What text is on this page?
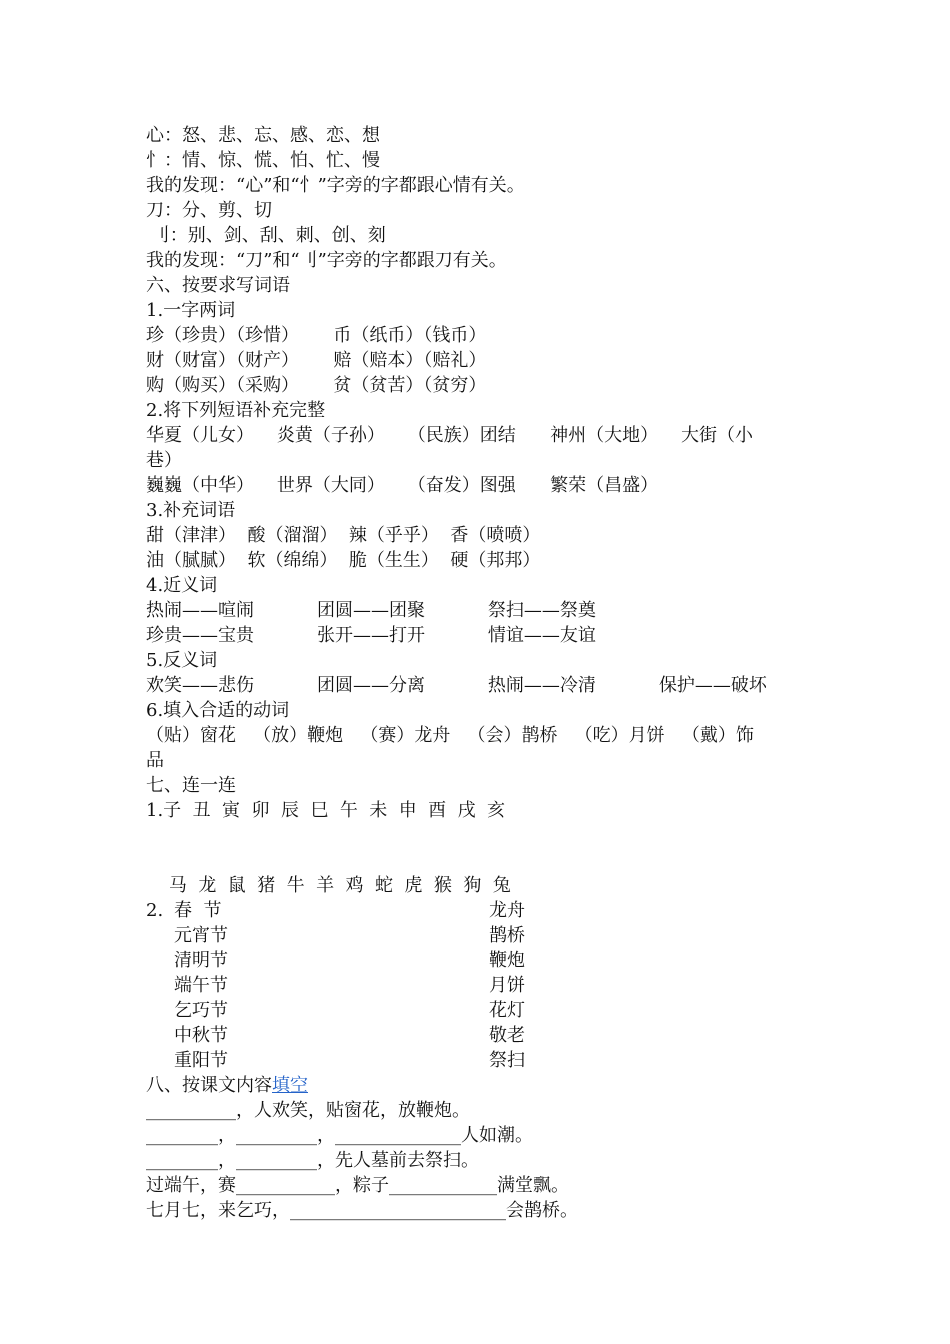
心：怒、悲、忘、感、恋、想
忄：情、惊、慌、怕、忙、慢
我的发现：“心”和“忄”字旁的字都跟心情有关。
刀：分、剪、切
刂：别、剑、刮、刺、创、刻
我的发现：“刀”和“刂”字旁的字都跟刀有关。
六、按要求写词语
1.一字两词
珍（珍贵）（珍惜）      币（纸币）（钱币）
财（财富）（财产）      赔（赔本）（赔礼）
购（购买）（采购）      贫（贫苦）（贫穷）
2.将下列短语补充完整
华夏（儿女）    炎黄（子孙）    （民族）团结      神州（大地）    大街（小
巷）
巍巍（中华）    世界（大同）    （奋发）图强      繁荣（昌盛）
3.补充词语
甜（津津）  酸（溜溜）  辣（乎乎）  香（喷喷）
油（腻腻）  软（绵绵）  脆（生生）  硬（邦邦）
4.近义词
热闹——喧闹           团圆——团聚           祭扫——祭奠
珍贵——宝贵           张开——打开           情谊——友谊
5.反义词
欢笑——悲伤           团圆——分离           热闹——冷清           保护——破坏
6.填入合适的动词
（贴）窗花   （放）鞭炮   （赛）龙舟   （会）鹊桥   （吃）月饼   （戴）饰
品
七、连一连
1.子  丑  寅  卯  辰  巳  午  未  申  酉  戌  亥
马  龙  鼠  猪  牛  羊  鸡  蛇  虎  猴  狗  兔
2. 春  节
元宵节
清明节
端午节
乞巧节
中秋节
重阳节
龙舟
鹊桥
鞭炮
月饼
花灯
敬老
祭扫
八、按课文内容填空
__________，人欢笑，贴窗花，放鞭炮。
________，_________，______________人如潮。
________，_________，先人墓前去祭扫。
过端午，赛___________，粽子____________满堂飘。
七月七，来乞巧，________________________会鹊桥。
